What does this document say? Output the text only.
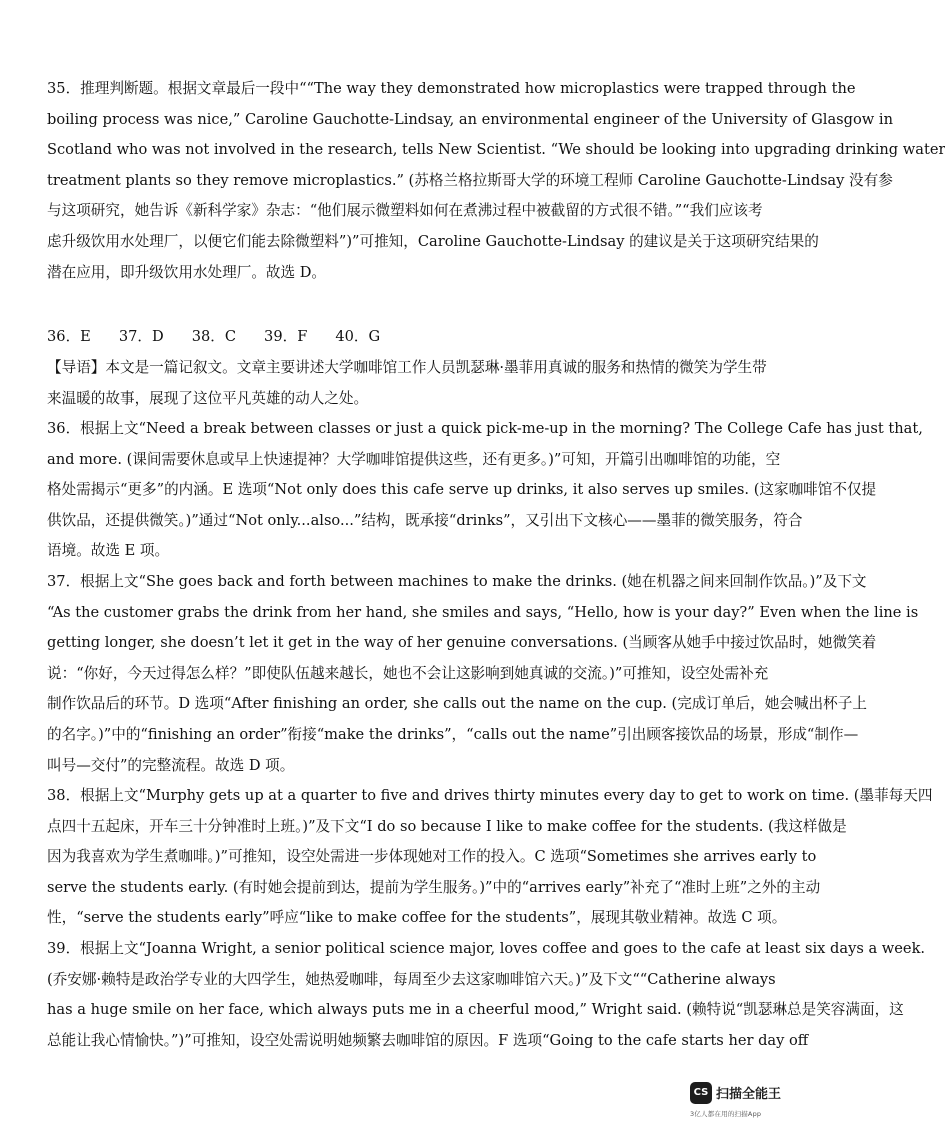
35．推理判断题。根据文章最后一段中““The way they demonstrated how microplastics were trapped through the
boiling process was nice,” Caroline Gauchotte-Lindsay, an environmental engineer of the University of Glasgow in
Scotland who was not involved in the research, tells New Scientist. “We should be looking into upgrading drinking water
treatment plants so they remove microplastics.” (苏格兰格拉斯哥大学的环境工程师 Caroline Gauchotte-Lindsay 没有参
与这项研究，她告诉《新科学家》杂志：“他们展示微塑料如何在煮沸过程中被截留的方式很不错。”“我们应该考
虑升级饮用水处理厂，以便它们能去除微塑料”)”可推知，Caroline Gauchotte-Lindsay 的建议是关于这项研究结果的
潜在应用，即升级饮用水处理厂。故选 D。
36．E 37．D 38．C 39．F 40．G
【导语】本文是一篇记叙文。文章主要讲述大学咖啡馆工作人员凯瑟琳·墨菲用真诚的服务和热情的微笑为学生带
来温暖的故事，展现了这位平凡英雄的动人之处。
36．根据上文“Need a break between classes or just a quick pick-me-up in the morning? The College Cafe has just that,
and more. (课间需要休息或早上快速提神？大学咖啡馆提供这些，还有更多。)”可知，开篇引出咖啡馆的功能，空
格处需揭示“更多”的内涵。E 选项“Not only does this cafe serve up drinks, it also serves up smiles. (这家咖啡馆不仅提
供饮品，还提供微笑。)”通过“Not only...also...”结构，既承接“drinks”，又引出下文核心——墨菲的微笑服务，符合
语境。故选 E 项。
37．根据上文“She goes back and forth between machines to make the drinks. (她在机器之间来回制作饮品。)”及下文
“As the customer grabs the drink from her hand, she smiles and says, “Hello, how is your day?” Even when the line is
getting longer, she doesn’t let it get in the way of her genuine conversations. (当顾客从她手中接过饮品时，她微笑着
说：“你好，今天过得怎么样？”即使队伍越来越长，她也不会让这影响到她真诚的交流。)”可推知，设空处需补充
制作饮品后的环节。D 选项“After finishing an order, she calls out the name on the cup. (完成订单后，她会喊出杯子上
的名字。)”中的“finishing an order”衔接“make the drinks”，“calls out the name”引出顾客接饮品的场景，形成“制作—
叫号—交付”的完整流程。故选 D 项。
38．根据上文“Murphy gets up at a quarter to five and drives thirty minutes every day to get to work on time. (墨菲每天四
点四十五起床，开车三十分钟准时上班。)”及下文“I do so because I like to make coffee for the students. (我这样做是
因为我喜欢为学生煮咖啡。)”可推知，设空处需进一步体现她对工作的投入。C 选项“Sometimes she arrives early to
serve the students early. (有时她会提前到达，提前为学生服务。)”中的“arrives early”补充了“准时上班”之外的主动
性，“serve the students early”呼应“like to make coffee for the students”，展现其敬业精神。故选 C 项。
39．根据上文“Joanna Wright, a senior political science major, loves coffee and goes to the cafe at least six days a week.
(乔安娜·赖特是政治学专业的大四学生，她热爱咖啡，每周至少去这家咖啡馆六天。)”及下文““Catherine always
has a huge smile on her face, which always puts me in a cheerful mood,” Wright said. (赖特说“凯瑟琳总是笑容满面，这
总能让我心情愉快。”)”可推知，设空处需说明她频繁去咖啡馆的原因。F 选项“Going to the cafe starts her day off
CS 扫描全能王
3亿人都在用的扫描App
